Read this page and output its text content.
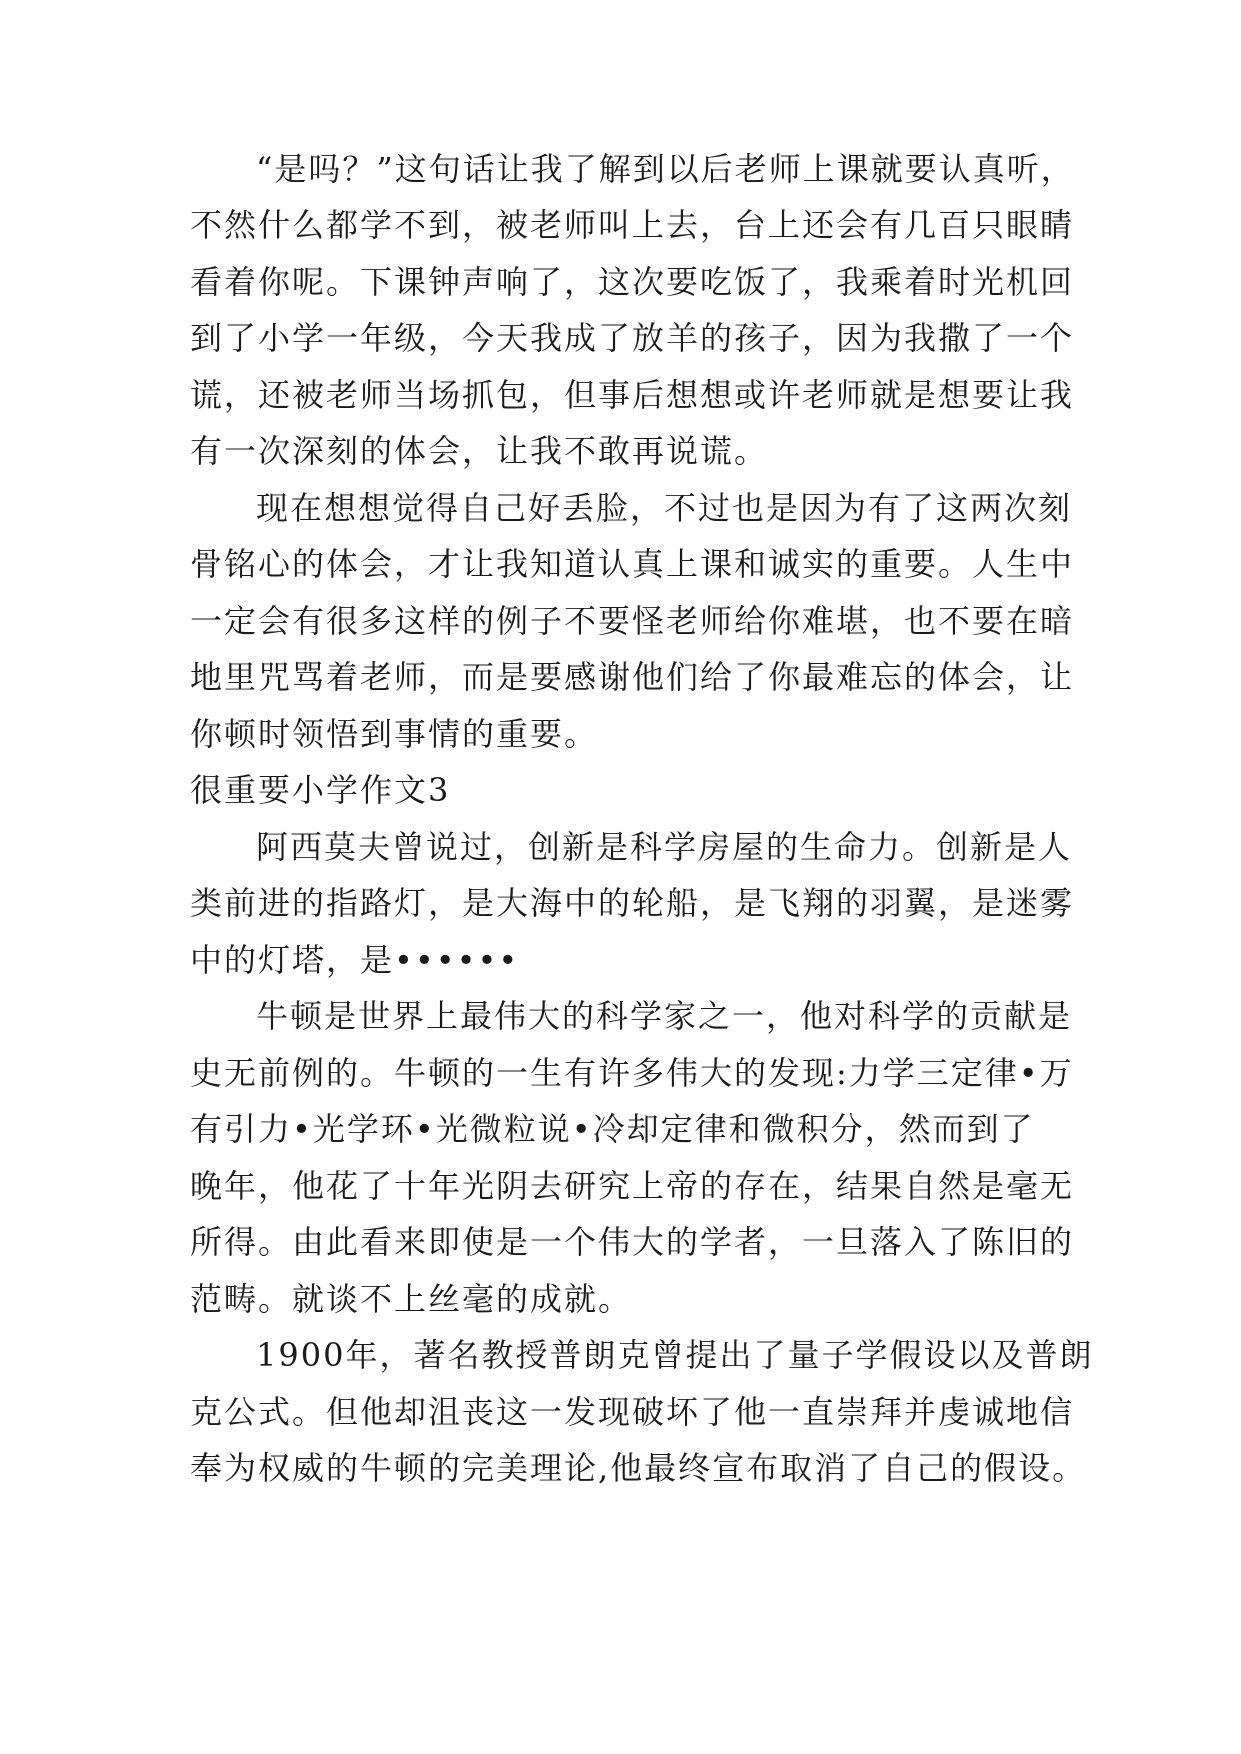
“是吗？”这句话让我了解到以后老师上课就要认真听，
不然什么都学不到，被老师叫上去，台上还会有几百只眼睛
看着你呢。下课钟声响了，这次要吃饭了，我乘着时光机回
到了小学一年级，今天我成了放羊的孩子，因为我撒了一个
谎，还被老师当场抓包，但事后想想或许老师就是想要让我
有一次深刻的体会，让我不敢再说谎。
现在想想觉得自己好丢脸，不过也是因为有了这两次刻
骨铭心的体会，才让我知道认真上课和诚实的重要。人生中
一定会有很多这样的例子不要怪老师给你难堪，也不要在暗
地里咒骂着老师，而是要感谢他们给了你最难忘的体会，让
你顿时领悟到事情的重要。
很重要小学作文3
阿西莫夫曾说过，创新是科学房屋的生命力。创新是人
类前进的指路灯，是大海中的轮船，是飞翔的羽翼，是迷雾
中的灯塔，是••••••
牛顿是世界上最伟大的科学家之一，他对科学的贡献是
史无前例的。牛顿的一生有许多伟大的发现:力学三定律•万
有引力•光学环•光微粒说•冷却定律和微积分，然而到了
晚年，他花了十年光阴去研究上帝的存在，结果自然是毫无
所得。由此看来即使是一个伟大的学者，一旦落入了陈旧的
范畴。就谈不上丝毫的成就。
1900年，著名教授普朗克曾提出了量子学假设以及普朗
克公式。但他却沮丧这一发现破坏了他一直崇拜并虔诚地信
奉为权威的牛顿的完美理论,他最终宣布取消了自己的假设。
